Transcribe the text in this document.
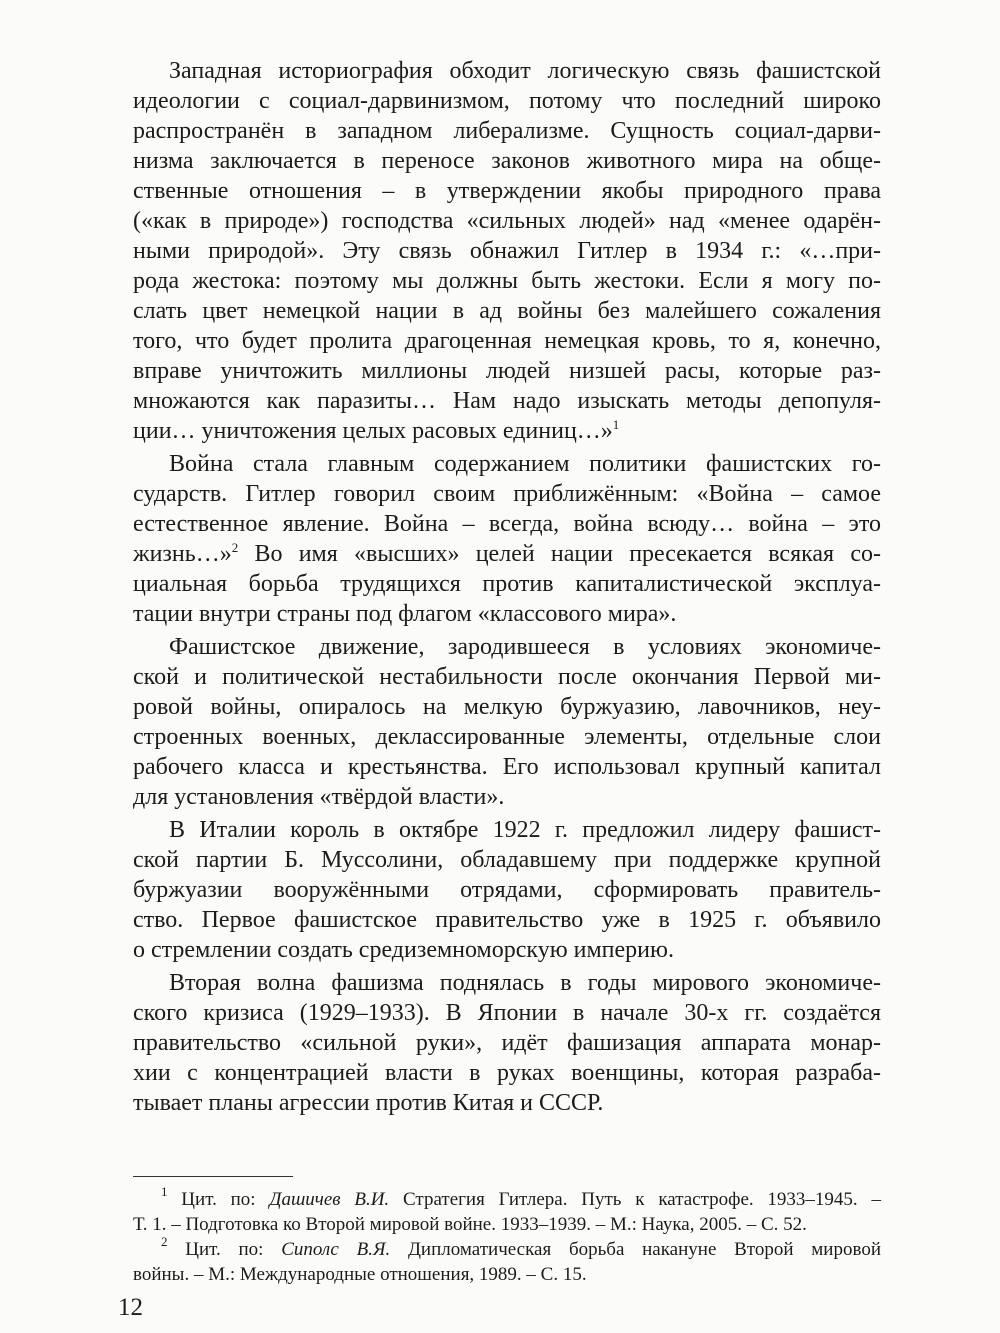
Западная историография обходит логическую связь фашистской
идеологии с социал-дарвинизмом, потому что последний широко
распространён в западном либерализме. Сущность социал-дарви-
низма заключается в переносе законов животного мира на обще-
ственные отношения – в утверждении якобы природного права
(«как в природе») господства «сильных людей» над «менее одарён-
ными природой». Эту связь обнажил Гитлер в 1934 г.: «…при-
рода жестока: поэтому мы должны быть жестоки. Если я могу по-
слать цвет немецкой нации в ад войны без малейшего сожаления
того, что будет пролита драгоценная немецкая кровь, то я, конечно,
вправе уничтожить миллионы людей низшей расы, которые раз-
множаются как паразиты… Нам надо изыскать методы депопуля-
ции… уничтожения целых расовых единиц…»$^1$
Война стала главным содержанием политики фашистских го-
сударств. Гитлер говорил своим приближённым: «Война – самое
естественное явление. Война – всегда, война всюду… война – это
жизнь…»$^2$ Во имя «высших» целей нации пресекается всякая со-
циальная борьба трудящихся против капиталистической эксплуа-
тации внутри страны под флагом «классового мира».
Фашистское движение, зародившееся в условиях экономиче-
ской и политической нестабильности после окончания Первой ми-
ровой войны, опиралось на мелкую буржуазию, лавочников, неу-
строенных военных, деклассированные элементы, отдельные слои
рабочего класса и крестьянства. Его использовал крупный капитал
для установления «твёрдой власти».
В Италии король в октябре 1922 г. предложил лидеру фашист-
ской партии Б. Муссолини, обладавшему при поддержке крупной
буржуазии вооружёнными отрядами, сформировать правитель-
ство. Первое фашистское правительство уже в 1925 г. объявило
о стремлении создать средиземноморскую империю.
Вторая волна фашизма поднялась в годы мирового экономиче-
ского кризиса (1929–1933). В Японии в начале 30-х гг. создаётся
правительство «сильной руки», идёт фашизация аппарата монар-
хии с концентрацией власти в руках военщины, которая разраба-
тывает планы агрессии против Китая и СССР.
$^1$ Цит. по: Дашичев В.И. Стратегия Гитлера. Путь к катастрофе. 1933–1945. –
Т. 1. – Подготовка ко Второй мировой войне. 1933–1939. – М.: Наука, 2005. – С. 52.
$^2$ Цит. по: Сиполс В.Я. Дипломатическая борьба накануне Второй мировой
войны. – М.: Международные отношения, 1989. – С. 15.
12
